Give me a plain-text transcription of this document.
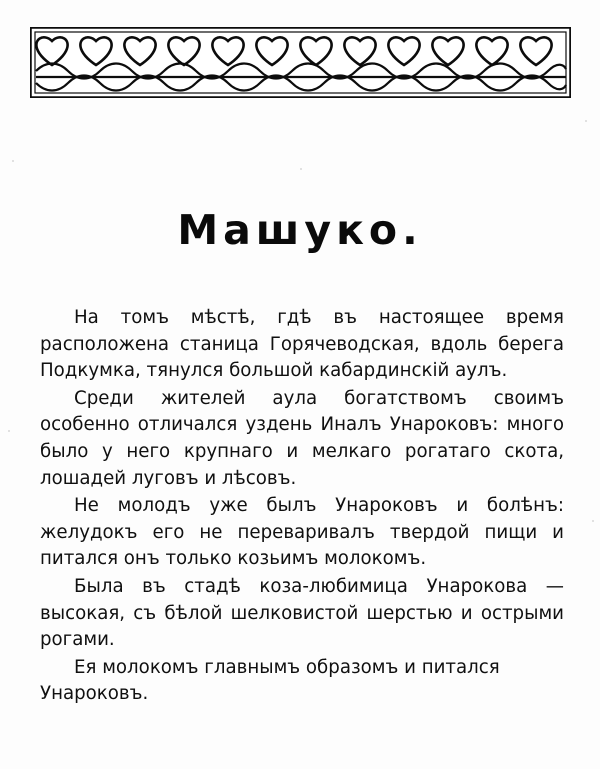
Машуко.

На томъ мѣстѣ, гдѣ въ настоящее время расположена станица Горячеводская, вдоль берега Подкумка, тянулся большой кабардинскій аулъ.

Среди жителей аула богатствомъ своимъ особенно отличался уздень Иналъ Унароковъ: много было у него крупнаго и мелкаго рогатаго скота, лошадей луговъ и лѣсовъ.

Не молодъ уже былъ Унароковъ и болѣнъ: желудокъ его не переваривалъ твердой пищи и питался онъ только козьимъ молокомъ.

Была въ стадѣ коза-любимица Унарокова —высокая, съ бѣлой шелковистой шерстью и острыми рогами.

Ея молокомъ главнымъ образомъ и питался Унароковъ.
